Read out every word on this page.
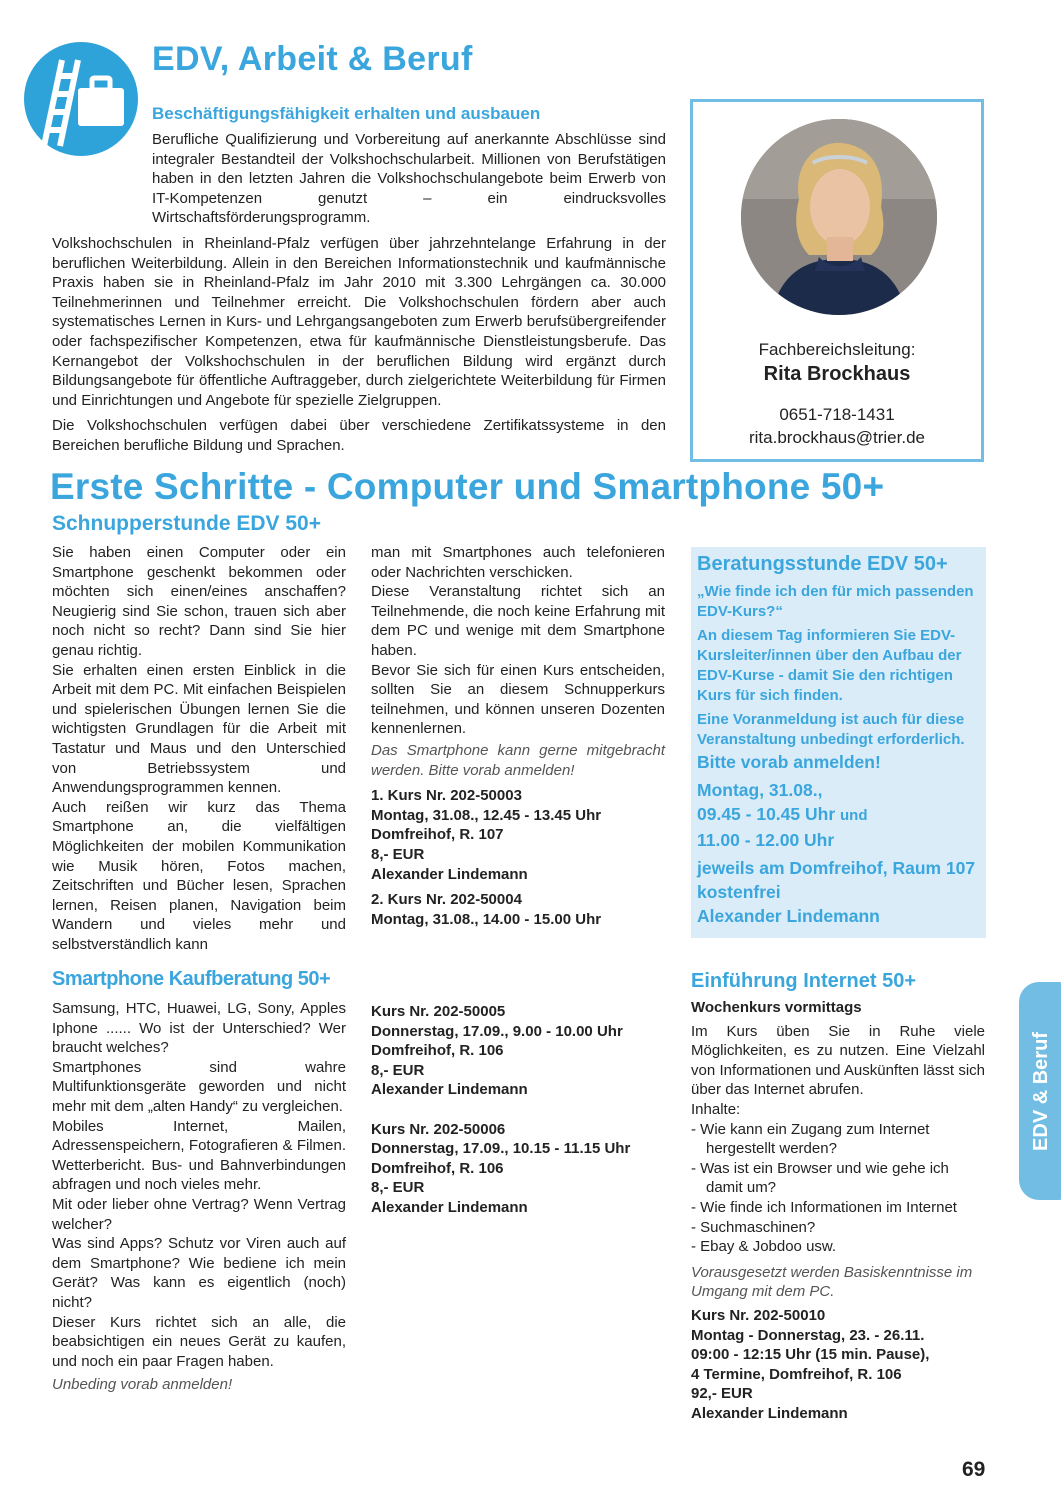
EDV, Arbeit & Beruf
Beschäftigungsfähigkeit erhalten und ausbauen

Berufliche Qualifizierung und Vorbereitung auf anerkannte Abschlüsse sind integraler Bestandteil der Volkshochschularbeit. Millionen von Berufstätigen haben in den letzten Jahren die Volkshochschulangebote beim Erwerb von IT-Kompetenzen genutzt – ein eindrucksvolles Wirtschaftsförderungsprogramm.

Volkshochschulen in Rheinland-Pfalz verfügen über jahrzehntelange Erfahrung in der beruflichen Weiterbildung. Allein in den Bereichen Informationstechnik und kaufmännische Praxis haben sie in Rheinland-Pfalz im Jahr 2010 mit 3.300 Lehrgängen ca. 30.000 Teilnehmerinnen und Teilnehmer erreicht. Die Volkshochschulen fördern aber auch systematisches Lernen in Kurs- und Lehrgangsangeboten zum Erwerb berufsübergreifender oder fachspezifischer Kompetenzen, etwa für kaufmännische Dienstleistungsberufe. Das Kernangebot der Volkshochschulen in der beruflichen Bildung wird ergänzt durch Bildungsangebote für öffentliche Auftraggeber, durch zielgerichtete Weiterbildung für Firmen und Einrichtungen und Angebote für spezielle Zielgruppen.

Die Volkshochschulen verfügen dabei über verschiedene Zertifikatssysteme in den Bereichen berufliche Bildung und Sprachen.

Fachbereichsleitung:
Rita Brockhaus
0651-718-1431
rita.brockhaus@trier.de
Erste Schritte - Computer und Smartphone 50+
Schnupperstunde EDV 50+

Sie haben einen Computer oder ein Smartphone geschenkt bekommen oder möchten sich einen/eines anschaffen? Neugierig sind Sie schon, trauen sich aber noch nicht so recht? Dann sind Sie hier genau richtig.

Sie erhalten einen ersten Einblick in die Arbeit mit dem PC. Mit einfachen Beispielen und spielerischen Übungen lernen Sie die wichtigsten Grundlagen für die Arbeit mit Tastatur und Maus und den Unterschied von Betriebssystem und Anwendungsprogrammen kennen.

Auch reißen wir kurz das Thema Smartphone an, die vielfältigen Möglichkeiten der mobilen Kommunikation wie Musik hören, Fotos machen, Zeitschriften und Bücher lesen, Sprachen lernen, Reisen planen, Navigation beim Wandern und vieles mehr und selbstverständlich kann

man mit Smartphones auch telefonieren oder Nachrichten verschicken.

Diese Veranstaltung richtet sich an Teilnehmende, die noch keine Erfahrung mit dem PC und wenige mit dem Smartphone haben.

Bevor Sie sich für einen Kurs entscheiden, sollten Sie an diesem Schnupperkurs teilnehmen, und können unseren Dozenten kennenlernen.

Das Smartphone kann gerne mitgebracht werden. Bitte vorab anmelden!

1. Kurs Nr. 202-50003
Montag, 31.08., 12.45 - 13.45 Uhr
Domfreihof, R. 107
8,- EUR
Alexander Lindemann
2. Kurs Nr. 202-50004
Montag, 31.08., 14.00 - 15.00 Uhr
Beratungsstunde EDV 50+
„Wie finde ich den für mich passenden EDV-Kurs?“
An diesem Tag informieren Sie EDV-Kursleiter/innen über den Aufbau der EDV-Kurse - damit Sie den richtigen Kurs für sich finden.
Eine Voranmeldung ist auch für diese Veranstaltung unbedingt erforderlich.
Bitte vorab anmelden!
Montag, 31.08.,
09.45 - 10.45 Uhr und
11.00 - 12.00 Uhr
jeweils am Domfreihof, Raum 107
kostenfrei
Alexander Lindemann
Smartphone Kaufberatung 50+

Samsung, HTC, Huawei, LG, Sony, Apples Iphone ...... Wo ist der Unterschied? Wer braucht welches?

Smartphones sind wahre Multifunktionsgeräte geworden und nicht mehr mit dem „alten Handy“ zu vergleichen.

Mobiles Internet, Mailen, Adressenspeichern, Fotografieren & Filmen. Wetterbericht. Bus- und Bahnverbindungen abfragen und noch vieles mehr.

Mit oder lieber ohne Vertrag? Wenn Vertrag welcher?

Was sind Apps? Schutz vor Viren auch auf dem Smartphone? Wie bediene ich mein Gerät? Was kann es eigentlich (noch) nicht?

Dieser Kurs richtet sich an alle, die beabsichtigen ein neues Gerät zu kaufen, und noch ein paar Fragen haben.

Unbeding vorab anmelden!

Kurs Nr. 202-50005
Donnerstag, 17.09., 9.00 - 10.00 Uhr
Domfreihof, R. 106
8,- EUR
Alexander Lindemann
Kurs Nr. 202-50006
Donnerstag, 17.09., 10.15 - 11.15 Uhr
Domfreihof, R. 106
8,- EUR
Alexander Lindemann
Einführung Internet 50+

Wochenkurs vormittags

Im Kurs üben Sie in Ruhe viele Möglichkeiten, es zu nutzen. Eine Vielzahl von Informationen und Auskünften lässt sich über das Internet abrufen.

Inhalte:

- Wie kann ein Zugang zum Internet hergestellt werden?
- Was ist ein Browser und wie gehe ich damit um?
- Wie finde ich Informationen im Internet
- Suchmaschinen?
- Ebay & Jobdoo usw.

Vorausgesetzt werden Basiskenntnisse im Umgang mit dem PC.

Kurs Nr. 202-50010
Montag - Donnerstag, 23. - 26.11.
09:00 - 12:15 Uhr (15 min. Pause),
4 Termine, Domfreihof, R. 106
92,- EUR
Alexander Lindemann
EDV & Beruf
69
